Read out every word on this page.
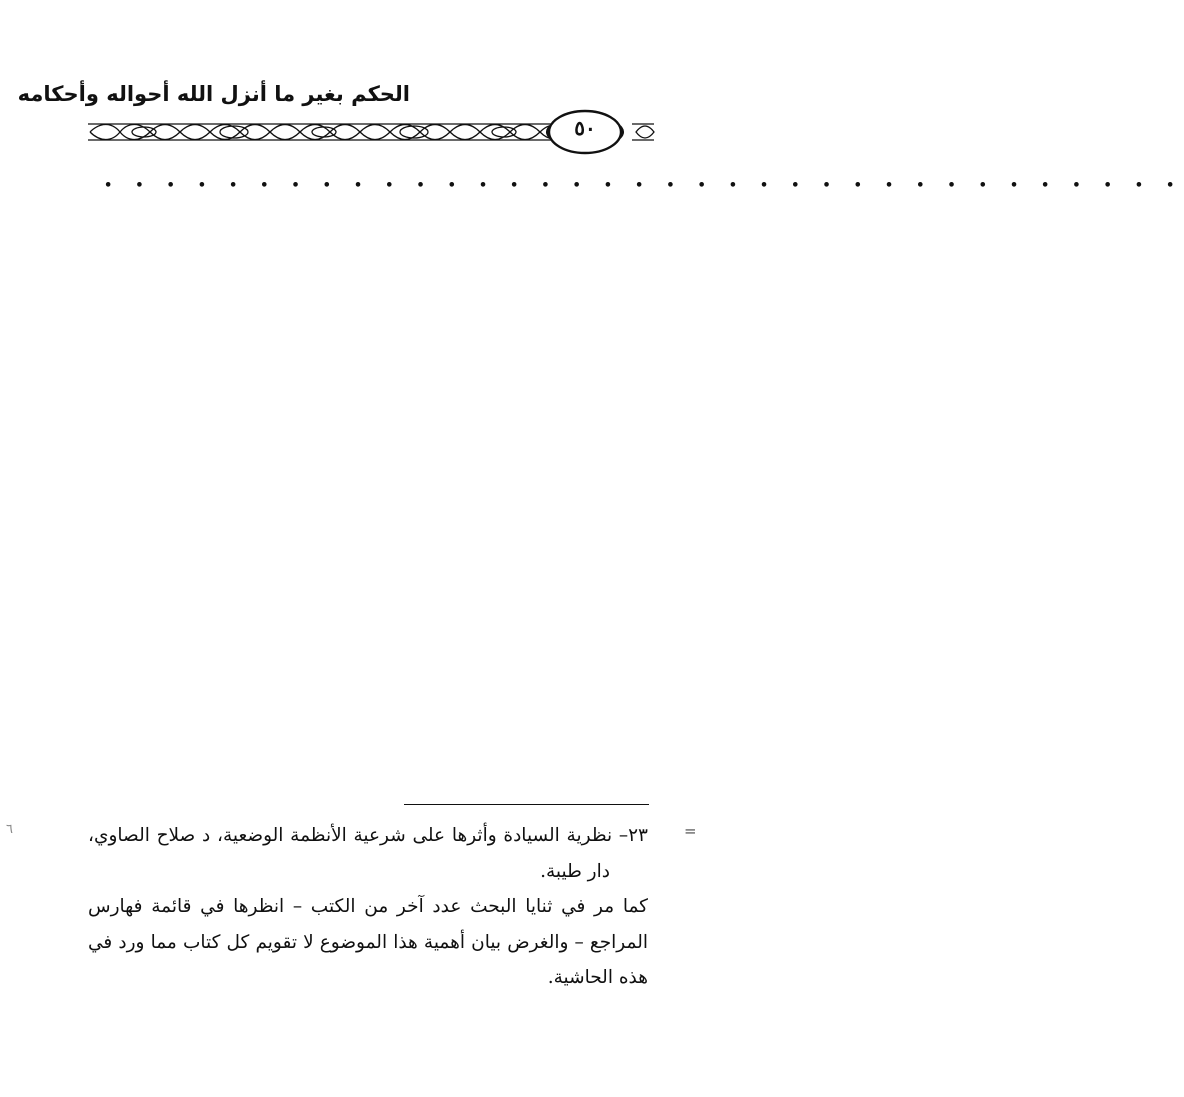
الحكم بغير ما أنزل الله أحواله وأحكامه
٥٠
• • • • • • • • • • • • • • • • • • • • • • • • • • • • • • • • • • •
=
٦	٢٣– نظرية السيادة وأثرها على شرعية الأنظمة الوضعية، د صلاح الصاوي،
دار طيبة.
كما مر في ثنايا البحث عدد آخر من الكتب – انظرها في قائمة فهارس
المراجع – والغرض بيان أهمية هذا الموضوع لا تقويم كل كتاب مما ورد في
هذه الحاشية.
